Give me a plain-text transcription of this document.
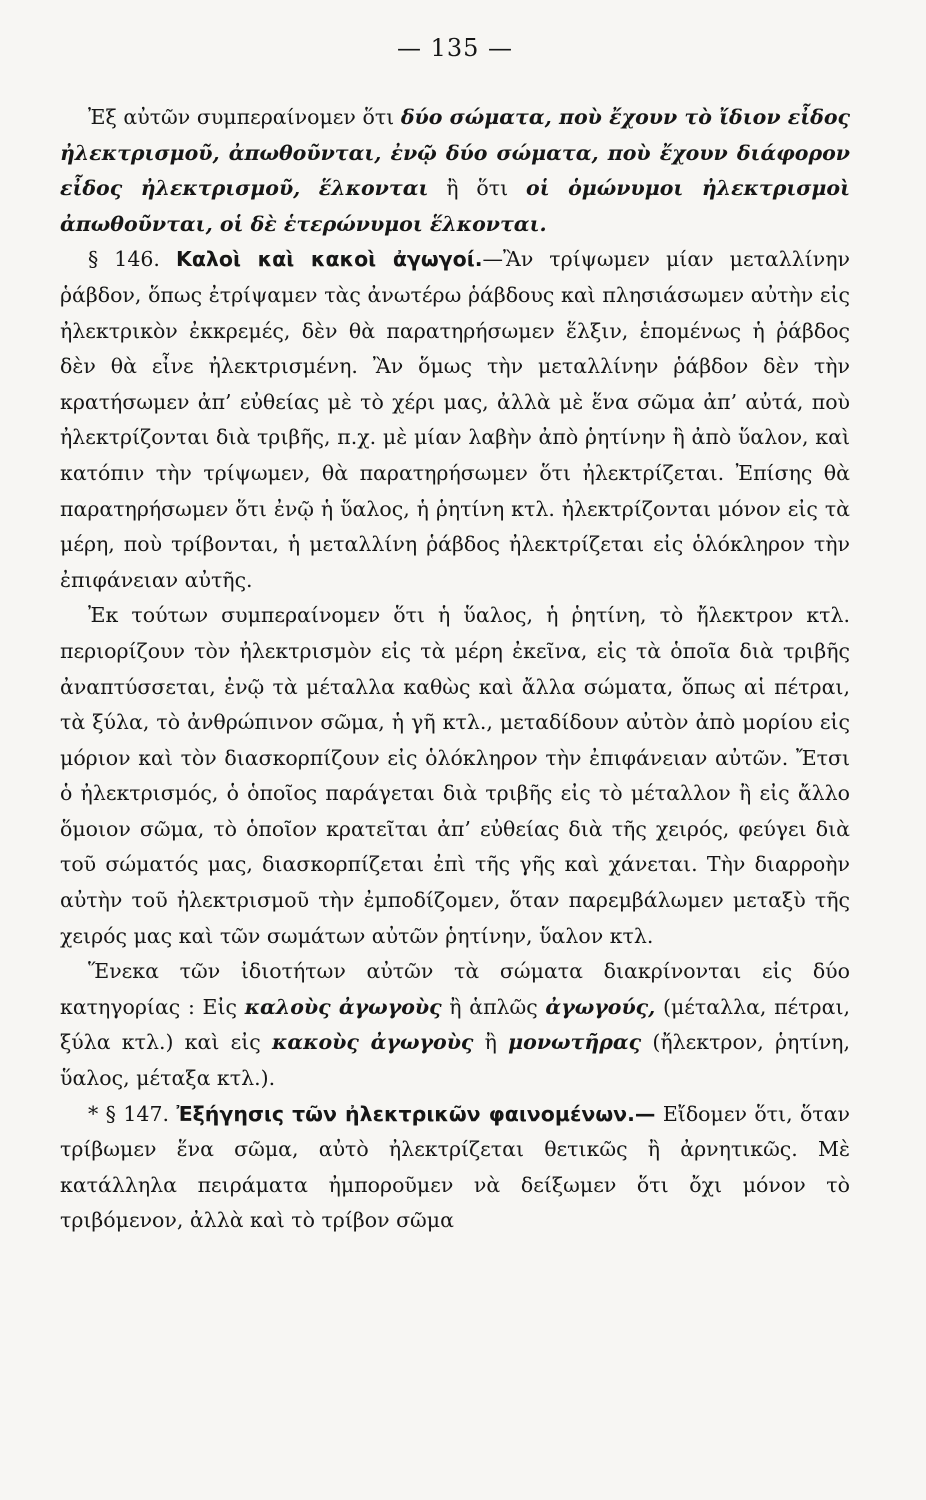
— 135 —

Ἐξ αὐτῶν συμπεραίνομεν ὅτι δύο σώματα, ποὺ ἔχουν τὸ ἴδιον εἶδος ἠλεκτρισμοῦ, ἀπωθοῦνται, ἐνῷ δύο σώματα, ποὺ ἔχουν διάφορον εἶδος ἠλεκτρισμοῦ, ἕλκονται ἢ ὅτι οἱ ὁμώνυμοι ἠλεκτρισμοὶ ἀπωθοῦνται, οἱ δὲ ἑτερώνυμοι ἕλκονται.

§ 146. Καλοὶ καὶ κακοὶ ἀγωγοί.—Ἂν τρίψωμεν μίαν μεταλλίνην ῥάβδον, ὅπως ἐτρίψαμεν τὰς ἀνωτέρω ῥάβδους καὶ πλησιάσωμεν αὐτὴν εἰς ἠλεκτρικὸν ἐκκρεμές, δὲν θὰ παρατηρήσωμεν ἕλξιν, ἑπομένως ἡ ῥάβδος δὲν θὰ εἶνε ἠλεκτρισμένη. Ἂν ὅμως τὴν μεταλλίνην ῥάβδον δὲν τὴν κρατήσωμεν ἀπ’ εὐθείας μὲ τὸ χέρι μας, ἀλλὰ μὲ ἕνα σῶμα ἀπ’ αὐτά, ποὺ ἠλεκτρίζονται διὰ τριβῆς, π.χ. μὲ μίαν λαβὴν ἀπὸ ῥητίνην ἢ ἀπὸ ὕαλον, καὶ κατόπιν τὴν τρίψωμεν, θὰ παρατηρήσωμεν ὅτι ἠλεκτρίζεται. Ἐπίσης θὰ παρατηρήσωμεν ὅτι ἐνῷ ἡ ὕαλος, ἡ ῥητίνη κτλ. ἠλεκτρίζονται μόνον εἰς τὰ μέρη, ποὺ τρίβονται, ἡ μεταλλίνη ῥάβδος ἠλεκτρίζεται εἰς ὁλόκληρον τὴν ἐπιφάνειαν αὐτῆς.

Ἐκ τούτων συμπεραίνομεν ὅτι ἡ ὕαλος, ἡ ῥητίνη, τὸ ἤλεκτρον κτλ. περιορίζουν τὸν ἠλεκτρισμὸν εἰς τὰ μέρη ἐκεῖνα, εἰς τὰ ὁποῖα διὰ τριβῆς ἀναπτύσσεται, ἐνῷ τὰ μέταλλα καθὼς καὶ ἄλλα σώματα, ὅπως αἱ πέτραι, τὰ ξύλα, τὸ ἀνθρώπινον σῶμα, ἡ γῆ κτλ., μεταδίδουν αὐτὸν ἀπὸ μορίου εἰς μόριον καὶ τὸν διασκορπίζουν εἰς ὁλόκληρον τὴν ἐπιφάνειαν αὐτῶν. Ἔτσι ὁ ἠλεκτρισμός, ὁ ὁποῖος παράγεται διὰ τριβῆς εἰς τὸ μέταλλον ἢ εἰς ἄλλο ὅμοιον σῶμα, τὸ ὁποῖον κρατεῖται ἀπ’ εὐθείας διὰ τῆς χειρός, φεύγει διὰ τοῦ σώματός μας, διασκορπίζεται ἐπὶ τῆς γῆς καὶ χάνεται. Τὴν διαρροὴν αὐτὴν τοῦ ἠλεκτρισμοῦ τὴν ἐμποδίζομεν, ὅταν παρεμβάλωμεν μεταξὺ τῆς χειρός μας καὶ τῶν σωμάτων αὐτῶν ῥητίνην, ὕαλον κτλ.

Ἕνεκα τῶν ἰδιοτήτων αὐτῶν τὰ σώματα διακρίνονται εἰς δύο κατηγορίας : Εἰς καλοὺς ἀγωγοὺς ἢ ἁπλῶς ἀγωγούς, (μέταλλα, πέτραι, ξύλα κτλ.) καὶ εἰς κακοὺς ἀγωγοὺς ἢ μονωτῆρας (ἤλεκτρον, ῥητίνη, ὕαλος, μέταξα κτλ.).

* § 147. Ἐξήγησις τῶν ἠλεκτρικῶν φαινομένων.— Εἴδομεν ὅτι, ὅταν τρίβωμεν ἕνα σῶμα, αὐτὸ ἠλεκτρίζεται θετικῶς ἢ ἀρνητικῶς. Μὲ κατάλληλα πειράματα ἠμποροῦμεν νὰ δείξωμεν ὅτι ὄχι μόνον τὸ τριβόμενον, ἀλλὰ καὶ τὸ τρίβον σῶμα
